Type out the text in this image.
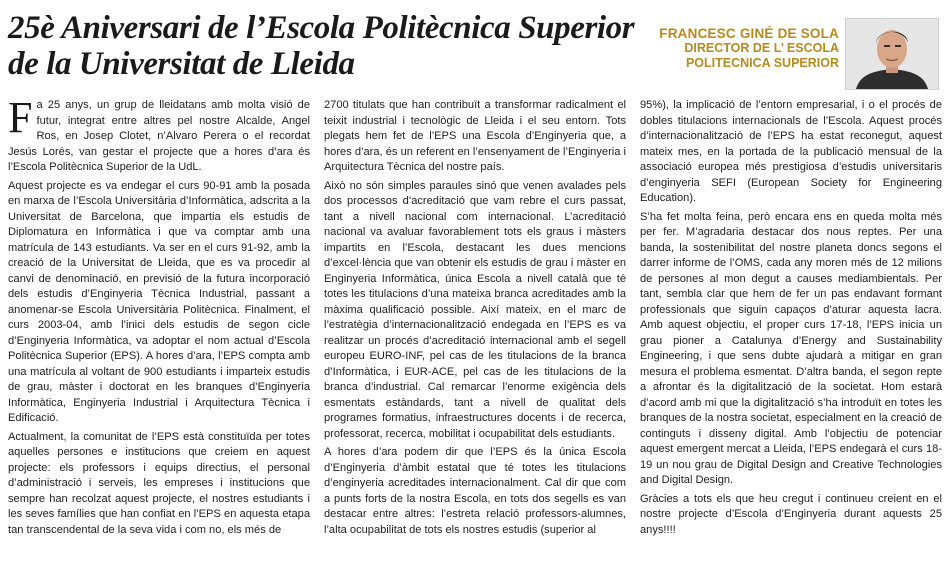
25è Aniversari de l’Escola Politècnica Superior
de la Universitat de Lleida
FRANCESC GINÉ DE SOLA
DIRECTOR DE L’ ESCOLA
POLITECNICA SUPERIOR

Fa 25 anys, un grup de lleidatans amb molta visió de futur, integrat entre altres pel nostre Alcalde, Angel Ros, en Josep Clotet, n’Alvaro Perera o el recordat Jesús Lorés, van gestar el projecte que a hores d’ara és l’Escola Politècnica Superior de la UdL.

Aquest projecte es va endegar el curs 90-91 amb la posada en marxa de l’Escola Universitària d’Informàtica, adscrita a la Universitat de Barcelona, que impartia els estudis de Diplomatura en Informàtica i que va comptar amb una matrícula de 143 estudiants. Va ser en el curs 91-92, amb la creació de la Universitat de Lleida, que es va procedir al canvi de denominació, en previsió de la futura incorporació dels estudis d’Enginyeria Tècnica Industrial, passant a anomenar-se Escola Universitària Politècnica. Finalment, el curs 2003-04, amb l’inici dels estudis de segon cicle d’Enginyeria Informàtica, va adoptar el nom actual d’Escola Politècnica Superior (EPS). A hores d’ara, l’EPS compta amb una matrícula al voltant de 900 estudiants i imparteix estudis de grau, màster i doctorat en les branques d’Enginyeria Informàtica, Enginyeria Industrial i Arquitectura Tècnica i Edificació.

Actualment, la comunitat de l’EPS està constituïda per totes aquelles persones e institucions que creiem en aquest projecte: els professors i equips directius, el personal d’administració i serveis, les empreses i institucions que sempre han recolzat aquest projecte, el nostres estudiants i les seves famílies que han confiat en l’EPS en aquesta etapa tan transcendental de la seva vida i com no, els més de

2700 titulats que han contribuït a transformar radicalment el teixit industrial i tecnològic de Lleida i el seu entorn. Tots plegats hem fet de l’EPS una Escola d’Enginyeria que, a hores d’ara, és un referent en l’ensenyament de l’Enginyeria i Arquitectura Tècnica del nostre país.

Això no són simples paraules sinó que venen avalades pels dos processos d’acreditació que vam rebre el curs passat, tant a nivell nacional com internacional. L’acreditació nacional va avaluar favorablement tots els graus i màsters impartits en l’Escola, destacant les dues mencions d’excel·lència que van obtenir els estudis de grau i màster en Enginyeria Informàtica, única Escola a nivell català que té totes les titulacions d’una mateixa branca acreditades amb la màxima qualificació possible. Així mateix, en el marc de l’estratègia d’internacionalització endegada en l’EPS es va realitzar un procés d’acreditació internacional amb el segell europeu EURO-INF, pel cas de les titulacions de la branca d’Informàtica, i EUR-ACE, pel cas de les titulacions de la branca d’industrial. Cal remarcar l’enorme exigència dels esmentats estàndards, tant a nivell de qualitat dels programes formatius, infraestructures docents i de recerca, professorat, recerca, mobilitat i ocupabilitat dels estudiants.

A hores d’ara podem dir que l’EPS és la única Escola d’Enginyeria d’àmbit estatal que té totes les titulacions d’enginyeria acreditades internacionalment. Cal dir que com a punts forts de la nostra Escola, en tots dos segells es van destacar entre altres: l’estreta relació professors-alumnes, l’alta ocupabilitat de tots els nostres estudis (superior al

95%), la implicació de l’entorn empresarial, i o el procés de dobles titulacions internacionals de l’Escola. Aquest procés d’internacionalització de l’EPS ha estat reconegut, aquest mateix mes, en la portada de la publicació mensual de la associació europea més prestigiosa d’estudis universitaris d’enginyeria SEFI (European Society for Engineering Education).

S’ha fet molta feina, però encara ens en queda molta més per fer. M’agradaria destacar dos nous reptes. Per una banda, la sostenibilitat del nostre planeta doncs segons el darrer informe de l’OMS, cada any moren més de 12 milions de persones al mon degut a causes mediambientals. Per tant, sembla clar que hem de fer un pas endavant formant professionals que siguin capaços d’aturar aquesta lacra. Amb aquest objectiu, el proper curs 17-18, l’EPS inicia un grau pioner a Catalunya d’Energy and Sustainability Engineering, i que sens dubte ajudarà a mitigar en gran mesura el problema esmentat. D’altra banda, el segon repte a afrontar és la digitalització de la societat. Hom estarà d’acord amb mi que la digitalització s’ha introduït en totes les branques de la nostra societat, especialment en la creació de continguts i disseny digital. Amb l’objectiu de potenciar aquest emergent mercat a Lleida, l’EPS endegarà el curs 18-19 un nou grau de Digital Design and Creative Technologies and Digital Design.

Gràcies a tots els que heu cregut i continueu creient en el nostre projecte d’Escola d’Enginyeria durant aquests 25 anys!!!!
